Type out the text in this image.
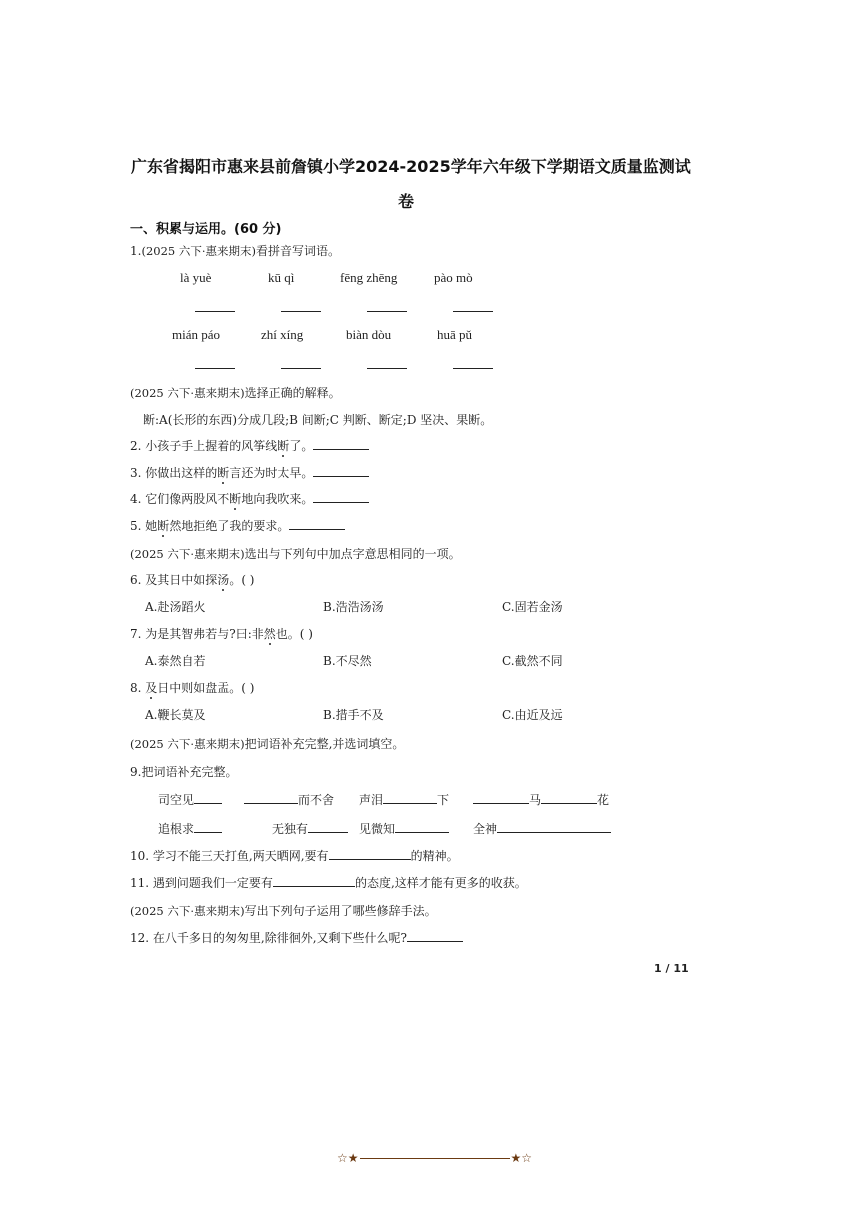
广东省揭阳市惠来县前詹镇小学2024-2025学年六年级下学期语文质量监测试
卷
一、积累与运用。(60 分)
1.(2025 六下·惠来期末)看拼音写词语。
là yuè	kū qì	fēng zhēng	pào mò
mián páo	zhí xíng	biàn dòu	huā pǔ
(2025 六下·惠来期末)选择正确的解释。
断:A(长形的东西)分成几段;B 间断;C 判断、断定;D 坚决、果断。
2. 小孩子手上握着的风筝线断了。
3. 你做出这样的断言还为时太早。
4. 它们像两股风不断地向我吹来。
5. 她断然地拒绝了我的要求。
(2025 六下·惠来期末)选出与下列句中加点字意思相同的一项。
6. 及其日中如探汤。( )
A.赴汤蹈火	B.浩浩汤汤	C.固若金汤
7. 为是其智弗若与?曰:非然也。( )
A.泰然自若	B.不尽然	C.截然不同
8. 及日中则如盘盂。( )
A.鞭长莫及	B.措手不及	C.由近及远
(2025 六下·惠来期末)把词语补充完整,并选词填空。
9.把词语补充完整。
司空见	而不舍 声泪	下	马	花
追根求	无独有	见微知	全神
10. 学习不能三天打鱼,两天晒网,要有	的精神。
11. 遇到问题我们一定要有	的态度,这样才能有更多的收获。
(2025 六下·惠来期末)写出下列句子运用了哪些修辞手法。
12. 在八千多日的匆匆里,除徘徊外,又剩下些什么呢?
1 / 11
☆★	★☆
